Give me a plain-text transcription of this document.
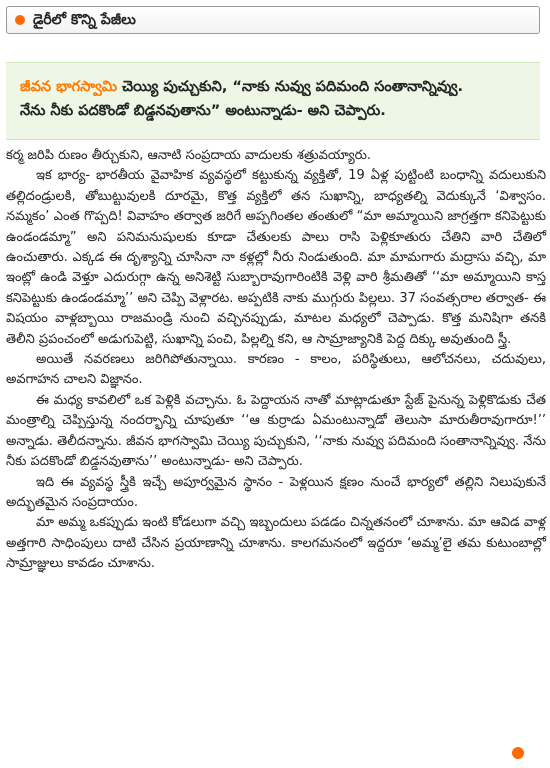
డైరీలో కొన్ని పేజీలు

జీవన భాగస్వామి చెయ్యి పుచ్చుకుని, “నాకు నువ్వు పదిమంది సంతానాన్నివ్వు.

నేను నీకు పదకొండో బిడ్డనవుతాను” అంటున్నాడు- అని చెప్పారు.

కర్మ జరిపి రుణం తీర్చుకుని, ఆనాటి సంప్రదాయ వాదులకు శత్రువయ్యారు.

ఇక భార్య- భారతీయ వైవాహిక వ్యవస్థలో కట్టుకున్న వ్యక్తితో, 19 ఏళ్ల పుట్టింటి బంధాన్ని వదులుకుని తల్లిదండ్రులకి, తోబుట్టువులకి దూరమై, కొత్త వ్యక్తిలో తన సుఖాన్ని, బాధ్యతల్ని వెదుక్కునే ‘విశ్వాసం. నమ్మకం’ ఎంత గొప్పది! వివాహం తర్వాత జరిగే అప్పగింతల తంతులో “మా అమ్మాయిని జాగ్రత్తగా కనిపెట్టుకు ఉండండమ్మా” అని పనిమనుషులకు కూడా చేతులకు పాలు రాసి పెళ్లికూతురు చేతిని వారి చేతిలో ఉంచుతారు. ఎక్కడ ఈ దృశ్యాన్ని చూసినా నా కళ్లల్లో నీరు నిండుతుంది. మా మామగారు మద్రాసు వచ్చి, మా ఇంట్లో ఉండి వెళ్తూ ఎదురుగ్గా ఉన్న అనిశెట్టి సుబ్బారావుగారింటికి వెళ్లి వారి శ్రీమతితో ‘‘మా అమ్మాయిని కాస్త కనిపెట్టుకు ఉండండమ్మా’’ అని చెప్పి వెళ్లారట. అప్పటికి నాకు ముగ్గురు పిల్లలు. 37 సంవత్సరాల తర్వాత- ఈ విషయం వాళ్లబ్బాయి రాజమండ్రి నుంచి వచ్చినప్పుడు, మాటల మధ్యలో చెప్పాడు. కొత్త మనిషిగా తనకి తెలీని ప్రపంచంలో అడుగుపెట్టి, సుఖాన్ని పంచి, పిల్లల్ని కని, ఆ సామ్రాజ్యానికి పెద్ద దిక్కు అవుతుంది స్త్రీ.

అయితే నవరణలు జరిగిపోతున్నాయి. కారణం - కాలం, పరిస్థితులు, ఆలోచనలు, చదువులు, అవగాహన చాలని విజ్ఞానం.

ఈ మధ్య కావలిలో ఒక పెళ్లికి వచ్చాను. ఓ పెద్దాయన నాతో మాట్లాడుతూ స్టేజ్ పైనున్న పెళ్లికొడుకు చేత మంత్రాల్ని చెప్పిస్తున్న నందర్భాన్ని చూపుతూ ‘‘ఆ కుర్రాడు ఏమంటున్నాడో తెలుసా మారుతీరావుగారూ!’’ అన్నాడు. తెలీదన్నాను. జీవన భాగస్వామి చెయ్యి పుచ్చుకుని, ‘‘నాకు నువ్వు పదిమంది సంతానాన్నివ్వు. నేను నీకు పదకొండో బిడ్డనవుతాను’’ అంటున్నాడు- అని చెప్పారు.

ఇది ఈ వ్యవస్థ స్త్రీకి ఇచ్చే అపూర్వమైన స్థానం - పెళ్లయిన క్షణం నుంచే భార్యలో తల్లిని నిలుపుకునే అద్భుతమైన సంప్రదాయం.

మా అమ్మ ఒకప్పుడు ఇంటి కోడలుగా వచ్చి ఇబ్బందులు పడడం చిన్నతనంలో చూశాను. మా ఆవిడ వాళ్ల అత్తగారి సాధింపులు దాటి చేసిన ప్రయాణాన్ని చూశాను. కాలగమనంలో ఇద్దరూ ‘అమ్మ’లై తమ కుటుంబాల్లో సామ్రాజ్ఞులు కావడం చూశాను.
